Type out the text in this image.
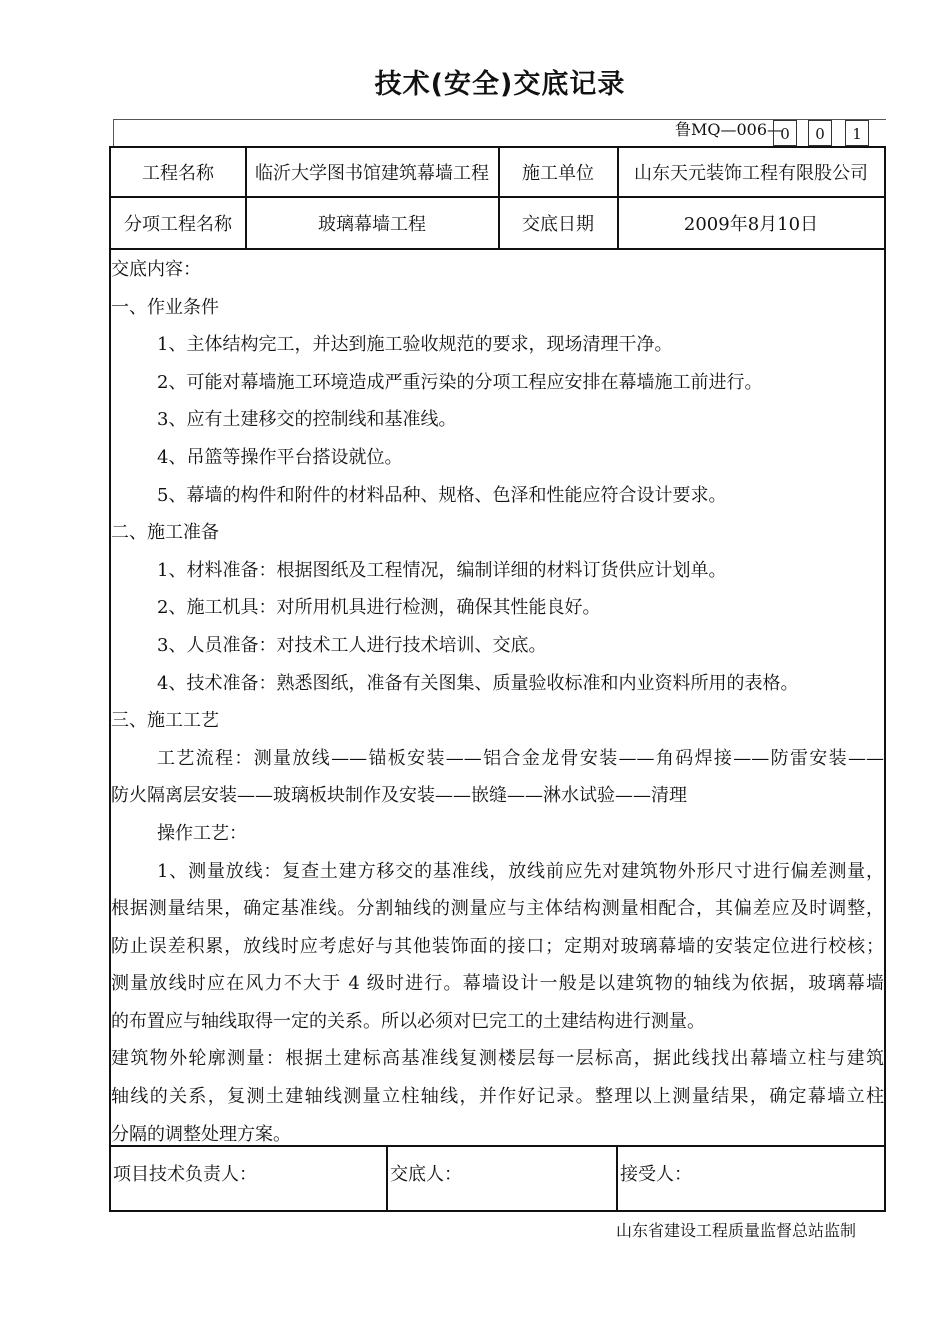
技术(安全)交底记录
鲁MQ—006—
0	0	1
工程名称	临沂大学图书馆建筑幕墙工程	施工单位	山东天元装饰工程有限股公司
分项工程名称	玻璃幕墙工程	交底日期	2009年8月10日
交底内容：
一、作业条件
1、主体结构完工，并达到施工验收规范的要求，现场清理干净。
2、可能对幕墙施工环境造成严重污染的分项工程应安排在幕墙施工前进行。
3、应有土建移交的控制线和基准线。
4、吊篮等操作平台搭设就位。
5、幕墙的构件和附件的材料品种、规格、色泽和性能应符合设计要求。
二、施工准备
1、材料准备：根据图纸及工程情况，编制详细的材料订货供应计划单。
2、施工机具：对所用机具进行检测，确保其性能良好。
3、人员准备：对技术工人进行技术培训、交底。
4、技术准备：熟悉图纸，准备有关图集、质量验收标准和内业资料所用的表格。
三、施工工艺
工艺流程：测量放线——锚板安装——铝合金龙骨安装——角码焊接——防雷安装——
防火隔离层安装——玻璃板块制作及安装——嵌缝——淋水试验——清理
操作工艺：
1、测量放线：复查土建方移交的基准线，放线前应先对建筑物外形尺寸进行偏差测量，
根据测量结果，确定基准线。分割轴线的测量应与主体结构测量相配合，其偏差应及时调整，
防止误差积累，放线时应考虑好与其他装饰面的接口；定期对玻璃幕墙的安装定位进行校核；
测量放线时应在风力不大于 4 级时进行。幕墙设计一般是以建筑物的轴线为依据，玻璃幕墙
的布置应与轴线取得一定的关系。所以必须对巳完工的土建结构进行测量。
建筑物外轮廓测量：根据土建标高基准线复测楼层每一层标高，据此线找出幕墙立柱与建筑
轴线的关系，复测土建轴线测量立柱轴线，并作好记录。整理以上测量结果，确定幕墙立柱
分隔的调整处理方案。
项目技术负责人：	交底人：	接受人：
山东省建设工程质量监督总站监制
